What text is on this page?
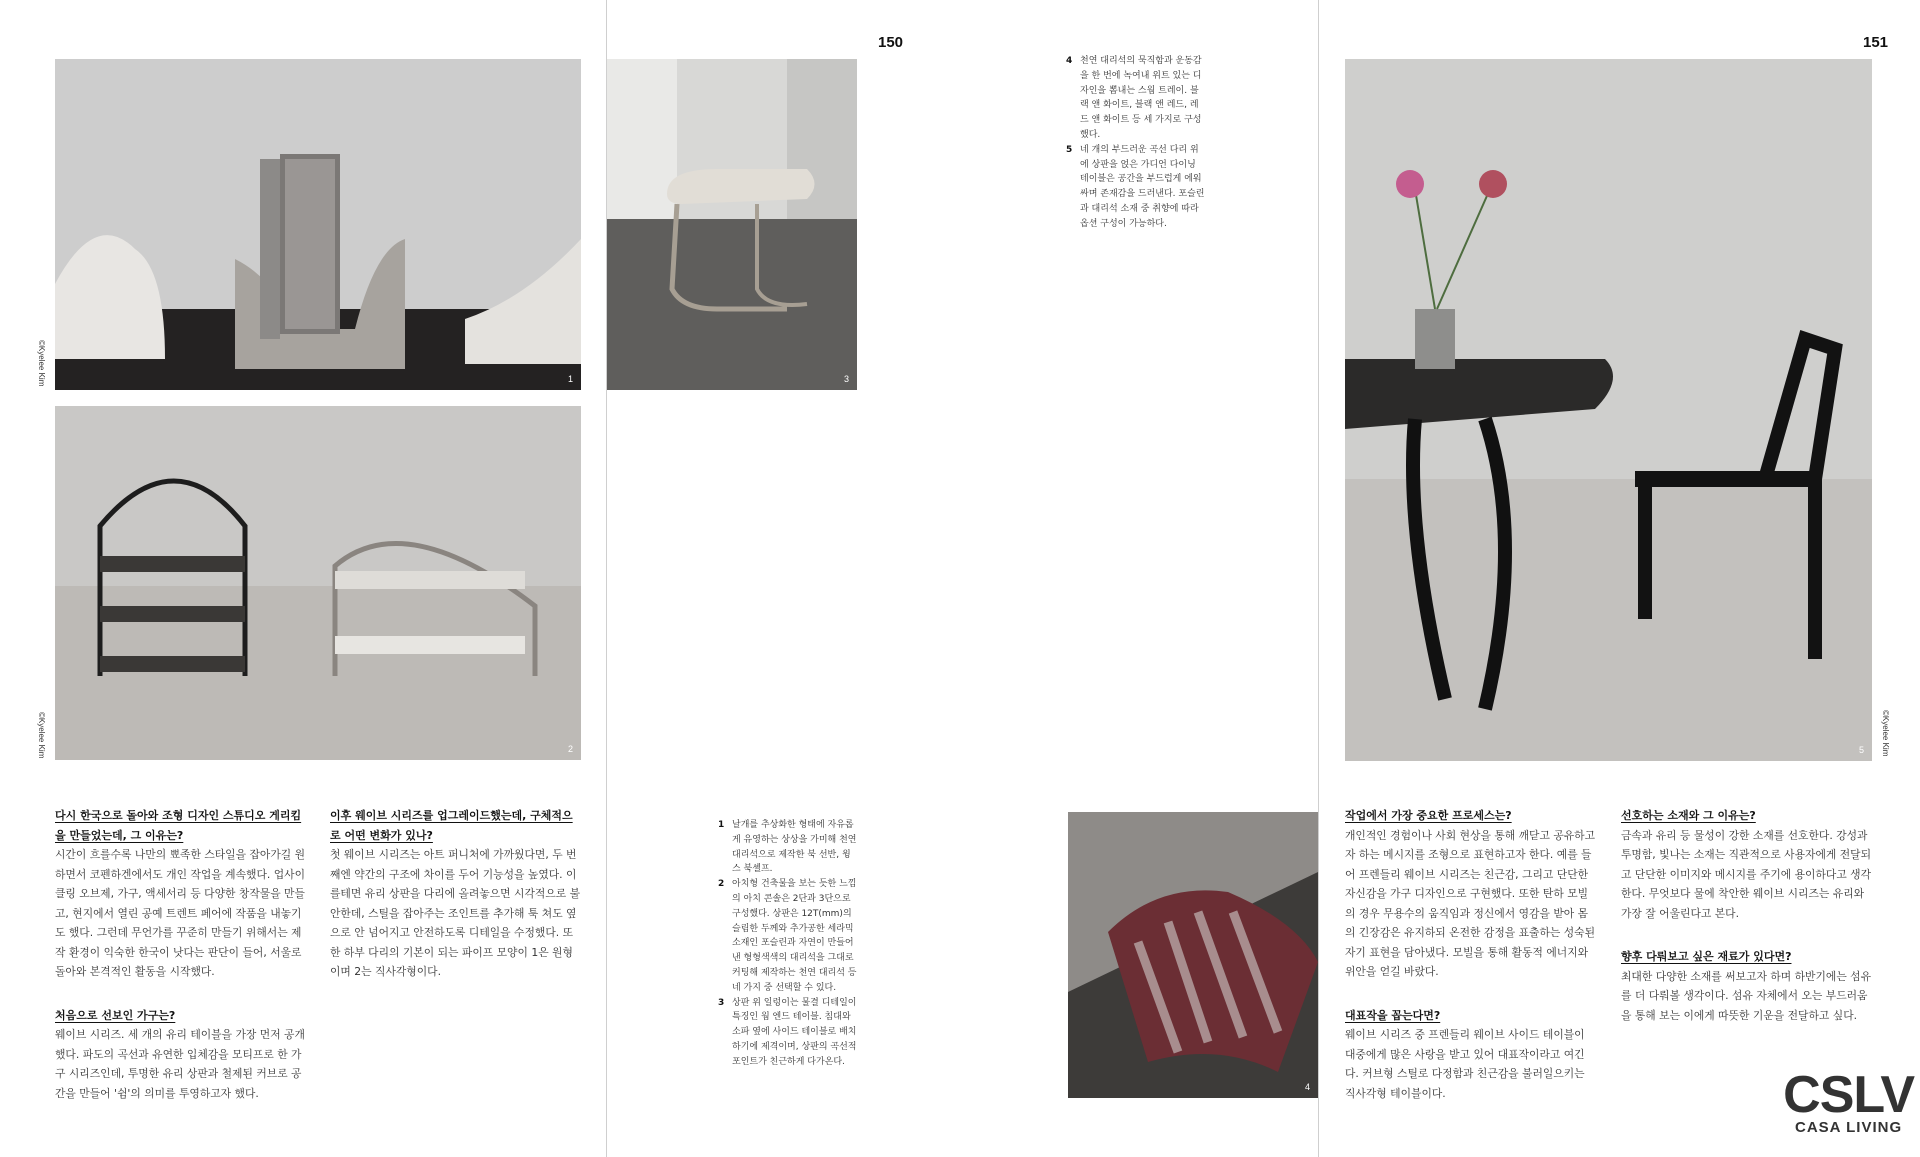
1
©Kyelee Kim
2
©Kyelee Kim
3
4
5 ©Kyelee Kim
150	151
4 천연 대리석의 묵직함과 운동감을 한 번에 녹여내 위트 있는 디자인을 뽐내는 스웜 트레이. 블랙 앤 화이트, 블랙 앤 레드, 레드 앤 화이트 등 세 가지로 구성했다.
5 네 개의 부드러운 곡선 다리 위에 상판을 얹은 가디언 다이닝 테이블은 공간을 부드럽게 에워싸며 존재감을 드러낸다. 포슬린과 대리석 소재 중 취향에 따라 옵션 구성이 가능하다.
1 날개를 추상화한 형태에 자유롭게 유영하는 상상을 가미해 천연 대리석으로 제작한 북 선반, 윙스 북셸프.
2 아치형 건축물을 보는 듯한 느낌의 아치 콘솔은 2단과 3단으로 구성했다. 상판은 12T(mm)의 슬림한 두께와 추가공한 세라믹 소재인 포슬린과 자연이 만들어낸 형형색색의 대리석을 그대로 커팅해 제작하는 천연 대리석 등 네 가지 중 선택할 수 있다.
3 상판 위 일렁이는 물결 디테일이 특징인 웜 엔드 테이블. 침대와 소파 옆에 사이드 테이블로 배치하기에 제격이며, 상판의 곡선적 포인트가 친근하게 다가온다.
다시 한국으로 돌아와 조형 디자인 스튜디오 게리킴을 만들었는데, 그 이유는?

시간이 흐를수록 나만의 뾰족한 스타일을 잡아가길 원하면서 코펜하겐에서도 개인 작업을 계속했다. 업사이클링 오브제, 가구, 액세서리 등 다양한 창작물을 만들고, 현지에서 열린 공예 트렌트 페어에 작품을 내놓기도 했다. 그런데 무언가를 꾸준히 만들기 위해서는 제작 환경이 익숙한 한국이 낫다는 판단이 들어, 서울로 돌아와 본격적인 활동을 시작했다.

처음으로 선보인 가구는?

웨이브 시리즈. 세 개의 유리 테이블을 가장 먼저 공개했다. 파도의 곡선과 유연한 입체감을 모티프로 한 가구 시리즈인데, 투명한 유리 상판과 철제된 커브로 공간을 만들어 '쉼'의 의미를 투영하고자 했다.

이후 웨이브 시리즈를 업그레이드했는데, 구체적으로 어떤 변화가 있나?

첫 웨이브 시리즈는 아트 퍼니처에 가까웠다면, 두 번째엔 약간의 구조에 차이를 두어 기능성을 높였다. 이를테면 유리 상판을 다리에 올려놓으면 시각적으로 불안한데, 스틸을 잡아주는 조인트를 추가해 툭 쳐도 옆으로 안 넘어지고 안전하도록 디테일을 수정했다. 또한 하부 다리의 기본이 되는 파이프 모양이 1은 원형이며 2는 직사각형이다.

작업에서 가장 중요한 프로세스는?

개인적인 경험이나 사회 현상을 통해 깨닫고 공유하고자 하는 메시지를 조형으로 표현하고자 한다. 예를 들어 프렌들리 웨이브 시리즈는 친근감, 그리고 단단한 자신감을 가구 디자인으로 구현했다. 또한 탄하 모빌의 경우 무용수의 움직임과 정신에서 영감을 받아 몸의 긴장감은 유지하되 온전한 감정을 표출하는 성숙된 자기 표현을 담아냈다. 모빌을 통해 활동적 에너지와 위안을 얻길 바랐다.

대표작을 꼽는다면?

웨이브 시리즈 중 프렌들리 웨이브 사이드 테이블이 대중에게 많은 사랑을 받고 있어 대표작이라고 여긴다. 커브형 스틸로 다정함과 친근감을 불러일으키는 직사각형 테이블이다.

선호하는 소재와 그 이유는?

금속과 유리 등 물성이 강한 소재를 선호한다. 강성과 투명함, 빛나는 소재는 직관적으로 사용자에게 전달되고 단단한 이미지와 메시지를 주기에 용이하다고 생각한다. 무엇보다 물에 착안한 웨이브 시리즈는 유리와 가장 잘 어울린다고 본다.

향후 다뤄보고 싶은 재료가 있다면?

최대한 다양한 소재를 써보고자 하며 하반기에는 섬유를 더 다뤄볼 생각이다. 섬유 자체에서 오는 부드러움을 통해 보는 이에게 따뜻한 기운을 전달하고 싶다.

CSLV
CASA LIVING
